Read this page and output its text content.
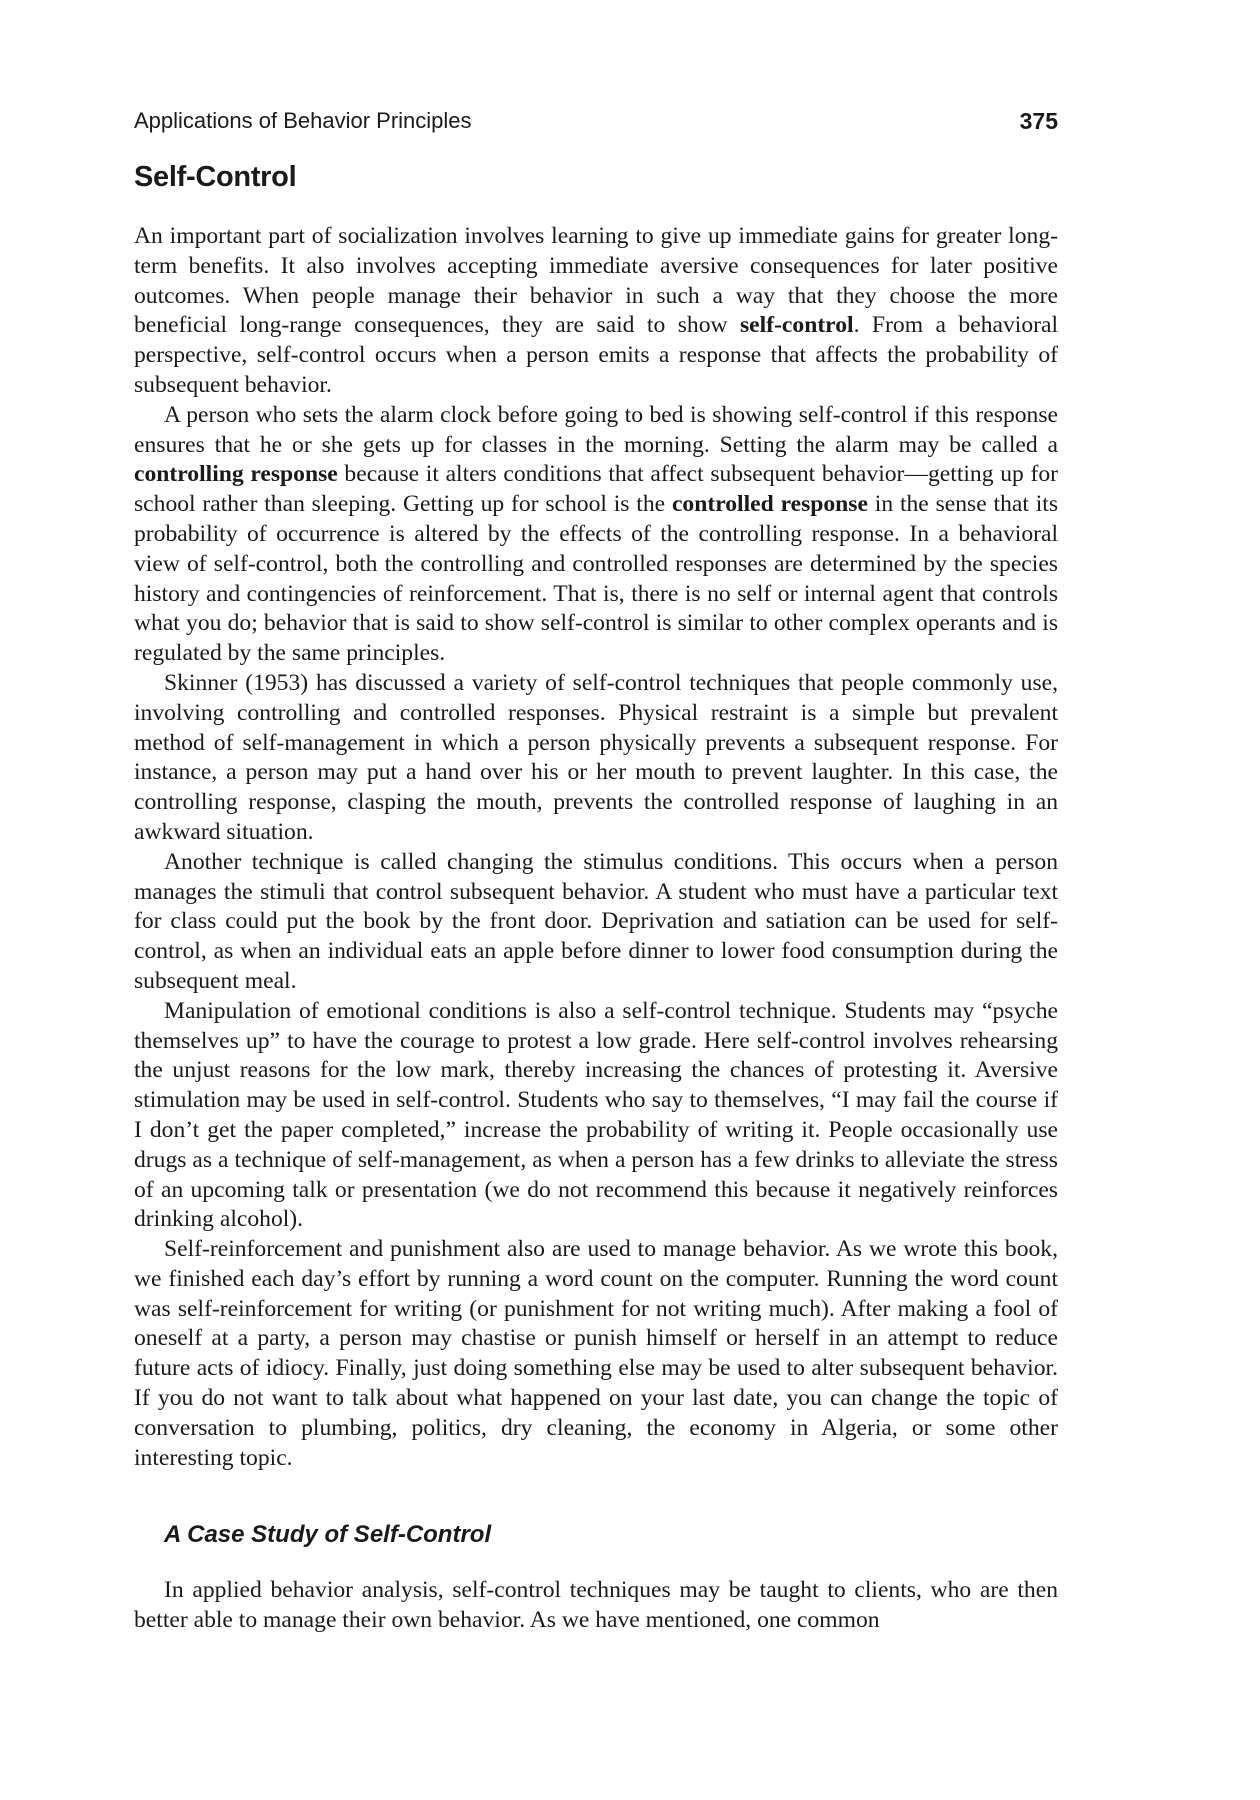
Applications of Behavior Principles	375
Self-Control

An important part of socialization involves learning to give up immediate gains for greater long-term benefits. It also involves accepting immediate aversive consequences for later positive outcomes. When people manage their behavior in such a way that they choose the more beneficial long-range consequences, they are said to show self-control. From a behavioral perspective, self-control occurs when a person emits a response that affects the probability of subsequent behavior.

A person who sets the alarm clock before going to bed is showing self-control if this response ensures that he or she gets up for classes in the morning. Setting the alarm may be called a controlling response because it alters conditions that affect subsequent behavior—getting up for school rather than sleeping. Getting up for school is the controlled response in the sense that its probability of occurrence is altered by the effects of the controlling response. In a behavioral view of self-control, both the controlling and controlled responses are determined by the species history and contingencies of reinforcement. That is, there is no self or internal agent that controls what you do; behavior that is said to show self-control is similar to other complex operants and is regulated by the same principles.

Skinner (1953) has discussed a variety of self-control techniques that people commonly use, involving controlling and controlled responses. Physical restraint is a simple but prevalent method of self-management in which a person physically prevents a subsequent response. For instance, a person may put a hand over his or her mouth to prevent laughter. In this case, the controlling response, clasping the mouth, prevents the controlled response of laughing in an awkward situation.

Another technique is called changing the stimulus conditions. This occurs when a person manages the stimuli that control subsequent behavior. A student who must have a particular text for class could put the book by the front door. Deprivation and satiation can be used for self-control, as when an individual eats an apple before dinner to lower food consumption during the subsequent meal.

Manipulation of emotional conditions is also a self-control technique. Students may “psyche themselves up” to have the courage to protest a low grade. Here self-control involves rehearsing the unjust reasons for the low mark, thereby increasing the chances of protesting it. Aversive stimulation may be used in self-control. Students who say to themselves, “I may fail the course if I don’t get the paper completed,” increase the probability of writing it. People occasionally use drugs as a technique of self-management, as when a person has a few drinks to alleviate the stress of an upcoming talk or presentation (we do not recommend this because it negatively reinforces drinking alcohol).

Self-reinforcement and punishment also are used to manage behavior. As we wrote this book, we finished each day’s effort by running a word count on the computer. Running the word count was self-reinforcement for writing (or punishment for not writing much). After making a fool of oneself at a party, a person may chastise or punish himself or herself in an attempt to reduce future acts of idiocy. Finally, just doing something else may be used to alter subsequent behavior. If you do not want to talk about what happened on your last date, you can change the topic of conversation to plumbing, politics, dry cleaning, the economy in Algeria, or some other interesting topic.

A Case Study of Self-Control

In applied behavior analysis, self-control techniques may be taught to clients, who are then better able to manage their own behavior. As we have mentioned, one common
